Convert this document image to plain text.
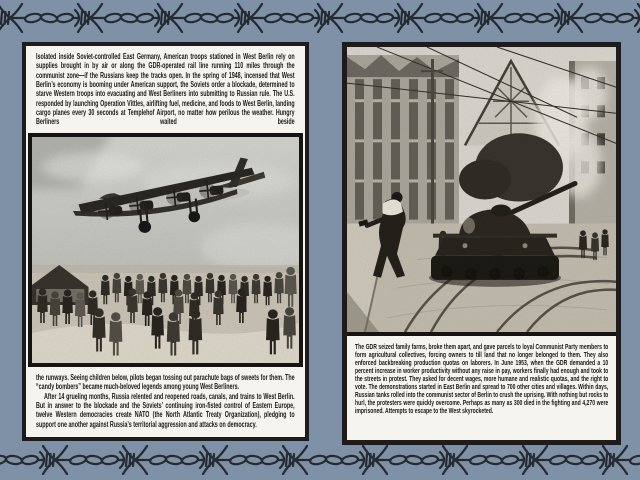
Isolated inside Soviet-controlled East Germany, American troops stationed in West Berlin rely on supplies brought in by air or along the GDR-operated rail line running 110 miles through the communist zone—if the Russians keep the tracks open. In the spring of 1948, incensed that West Berlin’s economy is booming under American support, the Soviets order a blockade, determined to starve Western troops into evacuating and West Berliners into submitting to Russian rule. The U.S. responded by launching Operation Vittles, airlifting fuel, medicine, and foods to West Berlin, landing cargo planes every 30 seconds at Templehof Airport, no matter how perilous the weather. Hungry Berliners waited beside

the runways. Seeing children below, pilots began tossing out parachute bags of sweets for them. The “candy bombers” became much-beloved legends among young West Berliners.

After 14 grueling months, Russia relented and reopened roads, canals, and trains to West Berlin. But in answer to the blockade and the Soviets’ continuing iron-fisted control of Eastern Europe, twelve Western democracies create NATO (the North Atlantic Treaty Organization), pledging to support one another against Russia’s territorial aggression and attacks on democracy.

The GDR seized family farms, broke them apart, and gave parcels to loyal Communist Party members to form agricultural collectives, forcing owners to till land that no longer belonged to them. They also enforced backbreaking production quotas on laborers. In June 1953, when the GDR demanded a 10 percent increase in worker productivity without any raise in pay, workers finally had enough and took to the streets in protest. They asked for decent wages, more humane and realistic quotas, and the right to vote. The demonstrations started in East Berlin and spread to 700 other cities and villages. Within days, Russian tanks rolled into the communist sector of Berlin to crush the uprising. With nothing but rocks to hurl, the protesters were quickly overcome. Perhaps as many as 300 died in the fighting and 4,270 were imprisoned. Attempts to escape to the West skyrocketed.
